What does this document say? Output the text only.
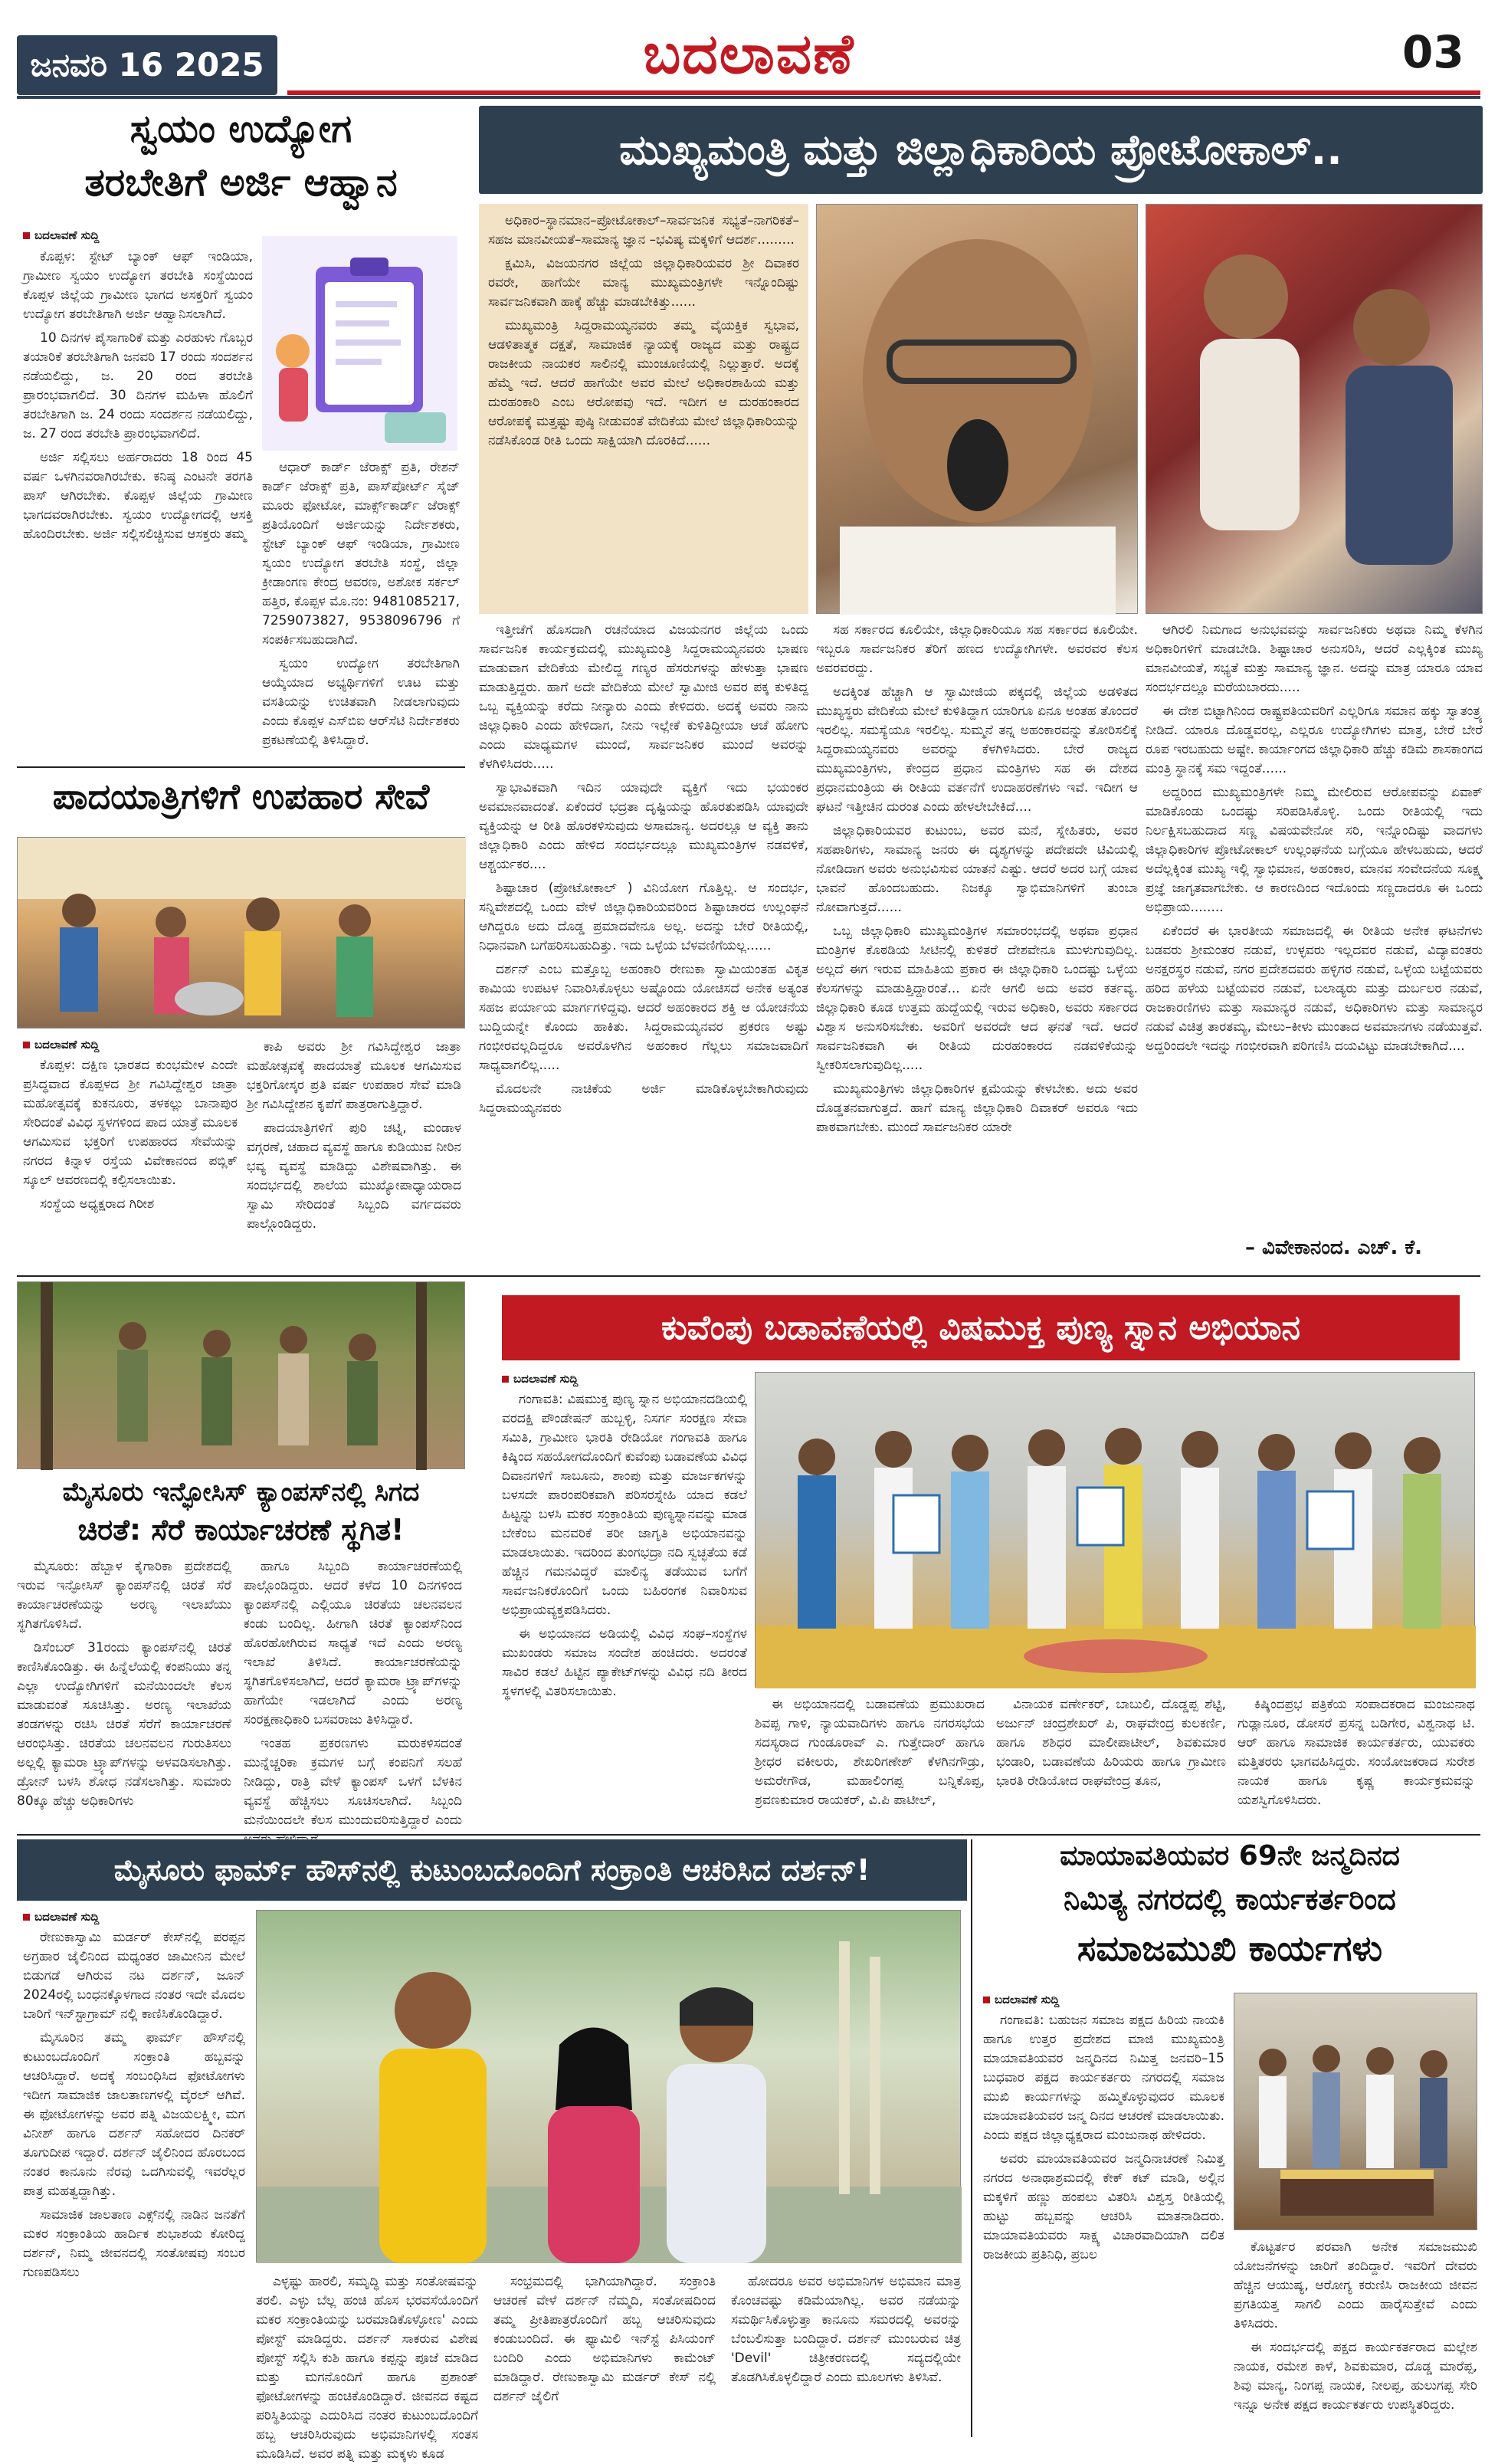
ಜನವರಿ 16 2025	ಬದಲಾವಣೆ	03
ಸ್ವಯಂ ಉದ್ಯೋಗ
ತರಬೇತಿಗೆ ಅರ್ಜಿ ಆಹ್ವಾನ
ಬದಲಾವಣೆ ಸುದ್ದಿ

ಕೊಪ್ಪಳ: ಸ್ಟೇಟ್ ಬ್ಯಾಂಕ್ ಆಫ್ ಇಂಡಿಯಾ, ಗ್ರಾಮೀಣ ಸ್ವಯಂ ಉದ್ಯೋಗ ತರಬೇತಿ ಸಂಸ್ಥೆಯಿಂದ ಕೊಪ್ಪಳ ಜಿಲ್ಲೆಯ ಗ್ರಾಮೀಣ ಭಾಗದ ಅಸಕ್ತರಿಗೆ ಸ್ವಯಂ ಉದ್ಯೋಗ ತರಬೇತಿಗಾಗಿ ಅರ್ಜಿ ಆಹ್ವಾನಿಸಲಾಗಿದೆ.

10 ದಿನಗಳ ಪೈಸಾಗಾರಿಕೆ ಮತ್ತು ಎರಹುಳು ಗೊಬ್ಬರ ತಯಾರಿಕೆ ತರಬೇತಿಗಾಗಿ ಜನವರಿ 17 ರಂದು ಸಂದರ್ಶನ ನಡೆಯಲಿದ್ದು, ಜ. 20 ರಂದ ತರಬೇತಿ ಪ್ರಾರಂಭವಾಗಲಿದೆ. 30 ದಿನಗಳ ಮಹಿಳಾ ಹೊಲಿಗೆ ತರಬೇತಿಗಾಗಿ ಜ. 24 ರಂದು ಸಂದರ್ಶನ ನಡೆಯಲಿದ್ದು, ಜ. 27 ರಂದ ತರಬೇತಿ ಪ್ರಾರಂಭವಾಗಲಿದೆ.

ಅರ್ಜಿ ಸಲ್ಲಿಸಲು ಅರ್ಹರಾದರು 18 ರಿಂದ 45 ವರ್ಷ ಒಳಗಿನವರಾಗಿರಬೇಕು. ಕನಿಷ್ಠ ಎಂಟನೇ ತರಗತಿ ಪಾಸ್ ಆಗಿರಬೇಕು. ಕೊಪ್ಪಳ ಜಿಲ್ಲೆಯ ಗ್ರಾಮೀಣ ಭಾಗದವರಾಗಿರಬೇಕು. ಸ್ವಯಂ ಉದ್ಯೋಗದಲ್ಲಿ ಆಸಕ್ತಿ ಹೊಂದಿರಬೇಕು. ಅರ್ಜಿ ಸಲ್ಲಿಸಲಿಚ್ಚಿಸುವ ಆಸಕ್ತರು ತಮ್ಮ

ಆಧಾರ್ ಕಾರ್ಡ್ ಜೆರಾಕ್ಸ್ ಪ್ರತಿ, ರೇಶನ್ ಕಾರ್ಡ್ ಜೆರಾಕ್ಸ್ ಪ್ರತಿ, ಪಾಸ್‌ಪೋರ್ಟ್ ಸೈಜ್ ಮೂರು ಫೋಟೋ, ಮಾರ್ಕ್ಸ್‌ಕಾರ್ಡ್ ಜೆರಾಕ್ಸ್ ಪ್ರತಿಯೊಂದಿಗೆ ಅರ್ಜಿಯನ್ನು ನಿರ್ದೇಶಕರು, ಸ್ಟೇಟ್ ಬ್ಯಾಂಕ್ ಆಫ್ ಇಂಡಿಯಾ, ಗ್ರಾಮೀಣ ಸ್ವಯಂ ಉದ್ಯೋಗ ತರಬೇತಿ ಸಂಸ್ಥೆ, ಜಿಲ್ಲಾ ಕ್ರೀಡಾಂಗಣ ಕೇಂದ್ರ ಆವರಣ, ಅಶೋಕ ಸರ್ಕಲ್ ಹತ್ತಿರ, ಕೊಪ್ಪಳ ಮೊ.ನಂ: 9481085217, 7259073827, 9538096796 ಗೆ ಸಂಪರ್ಕಿಸಬಹುದಾಗಿದೆ.

ಸ್ವಯಂ ಉದ್ಯೋಗ ತರಬೇತಿಗಾಗಿ ಆಯ್ಕೆಯಾದ ಅಭ್ಯರ್ಥಿಗಳಿಗೆ ಊಟ ಮತ್ತು ವಸತಿಯನ್ನು ಉಚಿತವಾಗಿ ನೀಡಲಾಗುವುದು ಎಂದು ಕೊಪ್ಪಳ ಎಸ್‌ಬಿಐ ಆರ್‌ಸೆಟಿ ನಿರ್ದೇಶಕರು ಪ್ರಕಟಣೆಯಲ್ಲಿ ತಿಳಿಸಿದ್ದಾರೆ.

ಮುಖ್ಯಮಂತ್ರಿ ಮತ್ತು ಜಿಲ್ಲಾಧಿಕಾರಿಯ ಪ್ರೋಟೋಕಾಲ್..

ಅಧಿಕಾರ–ಸ್ಥಾನಮಾನ–ಪ್ರೋಟೋಕಾಲ್–ಸಾರ್ವಜನಿಕ ಸಭ್ಯತೆ–ನಾಗರಿಕತೆ–ಸಹಜ ಮಾನವೀಯತೆ–ಸಾಮಾನ್ಯ ಜ್ಞಾನ –ಭವಿಷ್ಯ ಮಕ್ಕಳಿಗೆ ಆದರ್ಶ.........

ಕ್ಷಮಿಸಿ, ವಿಜಯನಗರ ಜಿಲ್ಲೆಯ ಜಿಲ್ಲಾಧಿಕಾರಿಯವರ ಶ್ರೀ ದಿವಾಕರ ರವರೇ, ಹಾಗೆಯೇ ಮಾನ್ಯ ಮುಖ್ಯಮಂತ್ರಿಗಳೇ ಇನ್ನೊಂದಿಷ್ಟು ಸಾರ್ವಜನಿಕವಾಗಿ ಹಾಕ್ಕೆ ಹೆಚ್ಚು ಮಾಡಬೇಕಿತ್ತು......

ಮುಖ್ಯಮಂತ್ರಿ ಸಿದ್ದರಾಮಯ್ಯನವರು ತಮ್ಮ ವೈಯಕ್ತಿಕ ಸ್ವಭಾವ, ಆಡಳಿತಾತ್ಮಕ ದಕ್ಷತೆ, ಸಾಮಾಜಿಕ ನ್ಯಾಯಕ್ಕೆ ರಾಜ್ಯದ ಮತ್ತು ರಾಷ್ಟ್ರದ ರಾಜಕೀಯ ನಾಯಕರ ಸಾಲಿನಲ್ಲಿ ಮುಂಚೂಣಿಯಲ್ಲಿ ನಿಲ್ಲುತ್ತಾರೆ. ಅದಕ್ಕೆ ಹೆಮ್ಮೆ ಇದೆ. ಆದರೆ ಹಾಗೆಯೇ ಅವರ ಮೇಲೆ ಅಧಿಕಾರಶಾಹಿಯ ಮತ್ತು ದುರಹಂಕಾರಿ ಎಂಬ ಆರೋಪವು ಇದೆ. ಇದೀಗ ಆ ದುರಹಂಕಾರದ ಆರೋಪಕ್ಕೆ ಮತ್ತಷ್ಟು ಪುಷ್ಠಿ ನೀಡುವಂತೆ ವೇದಿಕೆಯ ಮೇಲೆ ಜಿಲ್ಲಾಧಿಕಾರಿಯನ್ನು ನಡೆಸಿಕೊಂಡ ರೀತಿ ಒಂದು ಸಾಕ್ಷಿಯಾಗಿ ದೊರಕಿದೆ......

ಇತ್ತೀಚೆಗೆ ಹೊಸದಾಗಿ ರಚನೆಯಾದ ವಿಜಯನಗರ ಜಿಲ್ಲೆಯ ಒಂದು ಸಾರ್ವಜನಿಕ ಕಾರ್ಯಕ್ರಮದಲ್ಲಿ ಮುಖ್ಯಮಂತ್ರಿ ಸಿದ್ದರಾಮಯ್ಯನವರು ಭಾಷಣ ಮಾಡುವಾಗ ವೇದಿಕೆಯ ಮೇಲಿದ್ದ ಗಣ್ಯರ ಹೆಸರುಗಳನ್ನು ಹೇಳುತ್ತಾ ಭಾಷಣ ಮಾಡುತ್ತಿದ್ದರು. ಹಾಗೆ ಅದೇ ವೇದಿಕೆಯ ಮೇಲೆ ಸ್ವಾಮೀಜಿ ಅವರ ಪಕ್ಕ ಕುಳಿತಿದ್ದ ಒಬ್ಬ ವ್ಯಕ್ತಿಯನ್ನು ಕರೆದು ನೀನ್ಯಾರು ಎಂದು ಕೇಳಿದರು. ಅದಕ್ಕೆ ಅವರು ನಾನು ಜಿಲ್ಲಾಧಿಕಾರಿ ಎಂದು ಹೇಳಿದಾಗ, ನೀನು ಇಲ್ಲೇಕೆ ಕುಳಿತಿದ್ದೀಯಾ ಆಚೆ ಹೋಗು ಎಂದು ಮಾಧ್ಯಮಗಳ ಮುಂದೆ, ಸಾರ್ವಜನಿಕರ ಮುಂದೆ ಅವರನ್ನು ಕೆಳಗಿಳಿಸಿದರು.....

ಸ್ವಾಭಾವಿಕವಾಗಿ ಇದಿನ ಯಾವುದೇ ವ್ಯಕ್ತಿಗೆ ಇದು ಭಯಂಕರ ಅವಮಾನವಾದಂತೆ. ಏಕೆಂದರೆ ಭದ್ರತಾ ದೃಷ್ಟಿಯನ್ನು ಹೊರತುಪಡಿಸಿ ಯಾವುದೇ ವ್ಯಕ್ತಿಯನ್ನು ಆ ರೀತಿ ಹೊರಕಳಿಸುವುದು ಅಸಾಮಾನ್ಯ. ಅದರಲ್ಲೂ ಆ ವ್ಯಕ್ತಿ ತಾನು ಜಿಲ್ಲಾಧಿಕಾರಿ ಎಂದು ಹೇಳಿದ ಸಂದರ್ಭದಲ್ಲೂ ಮುಖ್ಯಮಂತ್ರಿಗಳ ನಡವಳಿಕೆ, ಆಶ್ಚರ್ಯಕರ....

ಶಿಷ್ಟಾಚಾರ (ಪ್ರೋಟೋಕಾಲ್ ) ವಿನಿಯೋಗ ಗೊತ್ತಿಲ್ಲ. ಆ ಸಂದರ್ಭ, ಸನ್ನಿವೇಶದಲ್ಲಿ ಒಂದು ವೇಳೆ ಜಿಲ್ಲಾಧಿಕಾರಿಯವರಿಂದ ಶಿಷ್ಟಾಚಾರದ ಉಲ್ಲಂಘನೆ ಆಗಿದ್ದರೂ ಅದು ದೊಡ್ಡ ಪ್ರಮಾದವೇನೂ ಅಲ್ಲ. ಅದನ್ನು ಬೇರೆ ರೀತಿಯಲ್ಲಿ, ನಿಧಾನವಾಗಿ ಬಗೆಹರಿಸಬಹುದಿತ್ತು. ಇದು ಒಳ್ಳೆಯ ಬೆಳವಣಿಗೆಯಲ್ಲ......

ದರ್ಶನ್ ಎಂಬ ಮತ್ತೊಬ್ಬ ಅಹಂಕಾರಿ ರೇಣುಕಾ ಸ್ವಾಮಿಯಂತಹ ವಿಕೃತ ಕಾಮಿಯ ಉಪಟಳ ನಿವಾರಿಸಿಕೊಳ್ಳಲು ಅಷ್ಟೊಂದು ಯೋಚಿಸದೆ ಅನೇಕ ಅತ್ಯಂತ ಸಹಜ ಪರ್ಯಾಯ ಮಾರ್ಗಗಳಿದ್ದವು. ಆದರೆ ಅಹಂಕಾರದ ಶಕ್ತಿ ಆ ಯೋಚನೆಯ ಬುದ್ದಿಯನ್ನೇ ಕೊಂದು ಹಾಕಿತು. ಸಿದ್ದರಾಮಯ್ಯನವರ ಪ್ರಕರಣ ಅಷ್ಟು ಗಂಭೀರವಲ್ಲದಿದ್ದರೂ ಅವರೊಳಗಿನ ಅಹಂಕಾರ ಗೆಲ್ಲಲು ಸಮಾಜವಾದಿಗೆ ಸಾಧ್ಯವಾಗಲಿಲ್ಲ.....

ಮೊದಲನೇ ನಾಚಿಕೆಯ ಅರ್ಜಿ ಮಾಡಿಕೊಳ್ಳಬೇಕಾಗಿರುವುದು ಸಿದ್ದರಾಮಯ್ಯನವರು

ಸಹ ಸರ್ಕಾರದ ಕೂಲಿಯೇ, ಜಿಲ್ಲಾಧಿಕಾರಿಯೂ ಸಹ ಸರ್ಕಾರದ ಕೂಲಿಯೇ. ಇಬ್ಬರೂ ಸಾರ್ವಜನಿಕರ ತೆರಿಗೆ ಹಣದ ಉದ್ಯೋಗಿಗಳೇ. ಅವರವರ ಕೆಲಸ ಅವರವರದ್ದು.

ಅದಕ್ಕಿಂತ ಹೆಚ್ಚಾಗಿ ಆ ಸ್ವಾಮೀಜಿಯ ಪಕ್ಕದಲ್ಲಿ ಜಿಲ್ಲೆಯ ಅಡಳಿತದ ಮುಖ್ಯಸ್ಥರು ವೇದಿಕೆಯ ಮೇಲೆ ಕುಳಿತಿದ್ದಾಗ ಯಾರಿಗೂ ಏನೂ ಅಂತಹ ತೊಂದರೆ ಇರಲಿಲ್ಲ. ಸಮಸ್ಯೆಯೂ ಇರಲಿಲ್ಲ. ಸುಮ್ಮನೆ ತನ್ನ ಅಹಂಕಾರವನ್ನು ತೋರಿಸಲಿಕ್ಕೆ ಸಿದ್ದರಾಮಯ್ಯನವರು ಅವರನ್ನು ಕೆಳಗಿಳಿಸಿದರು. ಬೇರೆ ರಾಜ್ಯದ ಮುಖ್ಯಮಂತ್ರಿಗಳು, ಕೇಂದ್ರದ ಪ್ರಧಾನ ಮಂತ್ರಿಗಳು ಸಹ ಈ ದೇಶದ ಪ್ರಧಾನಮಂತ್ರಿಯ ಈ ರೀತಿಯ ವರ್ತನೆಗೆ ಉದಾಹರಣೆಗಳು ಇವೆ. ಇದೀಗ ಆ ಘಟನೆ ಇತ್ತೀಚಿನ ದುರಂತ ಎಂದು ಹೇಳಲೇಬೇಕಿದೆ....

ಜಿಲ್ಲಾಧಿಕಾರಿಯವರ ಕುಟುಂಬ, ಅವರ ಮನೆ, ಸ್ನೇಹಿತರು, ಅವರ ಸಹಪಾಠಿಗಳು, ಸಾಮಾನ್ಯ ಜನರು ಈ ದೃಶ್ಯಗಳನ್ನು ಪದೇಪದೇ ಟಿವಿಯಲ್ಲಿ ನೋಡಿದಾಗ ಅವರು ಅನುಭವಿಸುವ ಯಾತನೆ ಎಷ್ಟು. ಆದರೆ ಅದರ ಬಗ್ಗೆ ಯಾವ ಭಾವನೆ ಹೊಂದಬಹುದು. ನಿಜಕ್ಕೂ ಸ್ವಾಭಿಮಾನಿಗಳಿಗೆ ತುಂಬಾ ನೋವಾಗುತ್ತದೆ......

ಒಬ್ಬ ಜಿಲ್ಲಾಧಿಕಾರಿ ಮುಖ್ಯಮಂತ್ರಿಗಳ ಸಮಾರಂಭದಲ್ಲಿ ಅಥವಾ ಪ್ರಧಾನ ಮಂತ್ರಿಗಳ ಕೊಠಡಿಯ ಸೀಟಿನಲ್ಲಿ ಕುಳಿತರೆ ದೇಶವೇನೂ ಮುಳುಗುವುದಿಲ್ಲ. ಅಲ್ಲದೆ ಈಗ ಇರುವ ಮಾಹಿತಿಯ ಪ್ರಕಾರ ಈ ಜಿಲ್ಲಾಧಿಕಾರಿ ಒಂದಷ್ಟು ಒಳ್ಳೆಯ ಕೆಲಸಗಳನ್ನು ಮಾಡುತ್ತಿದ್ದಾರಂತೆ... ಏನೇ ಆಗಲಿ ಅದು ಅವರ ಕರ್ತವ್ಯ. ಜಿಲ್ಲಾಧಿಕಾರಿ ಕೂಡ ಉತ್ತಮ ಹುದ್ದೆಯಲ್ಲಿ ಇರುವ ಅಧಿಕಾರಿ, ಅವರು ಸರ್ಕಾರದ ವಿಶ್ವಾಸ ಅನುಸರಿಸಬೇಕು. ಅವರಿಗೆ ಅವರದೇ ಆದ ಘನತೆ ಇದೆ. ಆದರೆ ಸಾರ್ವಜನಿಕವಾಗಿ ಈ ರೀತಿಯ ದುರಹಂಕಾರದ ನಡವಳಿಕೆಯನ್ನು ಸ್ವೀಕರಿಸಲಾಗುವುದಿಲ್ಲ.....

ಮುಖ್ಯಮಂತ್ರಿಗಳು ಜಿಲ್ಲಾಧಿಕಾರಿಗಳ ಕ್ಷಮೆಯನ್ನು ಕೇಳಬೇಕು. ಅದು ಅವರ ದೊಡ್ಡತನವಾಗುತ್ತದೆ. ಹಾಗೆ ಮಾನ್ಯ ಜಿಲ್ಲಾಧಿಕಾರಿ ದಿವಾಕರ್ ಅವರೂ ಇದು ಪಾಠವಾಗಬೇಕು. ಮುಂದೆ ಸಾರ್ವಜನಿಕರ ಯಾರೇ

ಆಗಿರಲಿ ನಿಮಗಾದ ಅನುಭವವನ್ನು ಸಾರ್ವಜನಿಕರು ಅಥವಾ ನಿಮ್ಮ ಕೆಳಗಿನ ಅಧಿಕಾರಿಗಳಿಗೆ ಮಾಡಬೇಡಿ. ಶಿಷ್ಟಾಚಾರ ಅನುಸರಿಸಿ, ಆದರೆ ಎಲ್ಲಕ್ಕಿಂತ ಮುಖ್ಯ ಮಾನವೀಯತೆ, ಸಭ್ಯತೆ ಮತ್ತು ಸಾಮಾನ್ಯ ಜ್ಞಾನ. ಅದನ್ನು ಮಾತ್ರ ಯಾರೂ ಯಾವ ಸಂದರ್ಭದಲ್ಲೂ ಮರೆಯಬಾರದು.....

ಈ ದೇಶ ಬಿಟ್ಟಾಗಿನಿಂದ ರಾಷ್ಟ್ರಪತಿಯವರಿಗೆ ಎಲ್ಲರಿಗೂ ಸಮಾನ ಹಕ್ಕು ಸ್ವಾತಂತ್ರ್ಯ ನೀಡಿದೆ. ಯಾರೂ ದೊಡ್ಡವರಲ್ಲ, ಎಲ್ಲರೂ ಉದ್ಯೋಗಿಗಳು ಮಾತ್ರ, ಬೇರೆ ಬೇರೆ ರೂಪ ಇರಬಹುದು ಅಷ್ಟೇ. ಕಾರ್ಯಾಂಗದ ಜಿಲ್ಲಾಧಿಕಾರಿ ಹೆಚ್ಚು ಕಡಿಮೆ ಶಾಸಕಾಂಗದ ಮಂತ್ರಿ ಸ್ಥಾನಕ್ಕೆ ಸಮ ಇದ್ದಂತೆ......

ಅದ್ದರಿಂದ ಮುಖ್ಯಮಂತ್ರಿಗಳೇ ನಿಮ್ಮ ಮೇಲಿರುವ ಆರೋಪವನ್ನು ಏವಾಕ್ ಮಾಡಿಕೊಂಡು ಒಂದಷ್ಟು ಸರಿಪಡಿಸಿಕೊಳ್ಳಿ. ಒಂದು ರೀತಿಯಲ್ಲಿ ಇದು ನಿರ್ಲಕ್ಷಿಸಬಹುದಾದ ಸಣ್ಣ ವಿಷಯವೇನೋ ಸರಿ, ಇನ್ನೊಂದಿಷ್ಟು ವಾದಗಳು ಜಿಲ್ಲಾಧಿಕಾರಿಗಳ ಪ್ರೋಟೋಕಾಲ್ ಉಲ್ಲಂಘನೆಯ ಬಗ್ಗೆಯೂ ಹೇಳಬಹುದು, ಆದರೆ ಅದೆಲ್ಲಕ್ಕಿಂತ ಮುಖ್ಯ ಇಲ್ಲಿ ಸ್ವಾಭಿಮಾನ, ಅಹಂಕಾರ, ಮಾನವ ಸಂವೇದನೆಯ ಸೂಕ್ಷ್ಮ ಪ್ರಜ್ಞೆ ಜಾಗೃತವಾಗಬೇಕು. ಆ ಕಾರಣದಿಂದ ಇದೊಂದು ಸಣ್ಣದಾದರೂ ಈ ಒಂದು ಅಭಿಪ್ರಾಯ........

ಏಕೆಂದರೆ ಈ ಭಾರತೀಯ ಸಮಾಜದಲ್ಲಿ ಈ ರೀತಿಯ ಅನೇಕ ಘಟನೆಗಳು ಬಡವರು ಶ್ರೀಮಂತರ ನಡುವೆ, ಉಳ್ಳವರು ಇಲ್ಲದವರ ನಡುವೆ, ವಿದ್ಯಾವಂತರು ಅನಕ್ಷರಸ್ಥರ ನಡುವೆ, ನಗರ ಪ್ರದೇಶದವರು ಹಳ್ಳಿಗರ ನಡುವೆ, ಒಳ್ಳೆಯ ಬಟ್ಟೆಯವರು ಹರಿದ ಹಳೆಯ ಬಟ್ಟೆಯವರ ನಡುವೆ, ಬಲಾಡ್ಯರು ಮತ್ತು ದುರ್ಬಲರ ನಡುವೆ, ರಾಜಕಾರಣಿಗಳು ಮತ್ತು ಸಾಮಾನ್ಯರ ನಡುವೆ, ಅಧಿಕಾರಿಗಳು ಮತ್ತು ಸಾಮಾನ್ಯರ ನಡುವೆ ವಿಚಿತ್ರ ತಾರತಮ್ಯ, ಮೇಲು–ಕೀಳು ಮುಂತಾದ ಅವಮಾನಗಳು ನಡೆಯುತ್ತವೆ. ಅದ್ದರಿಂದಲೇ ಇದನ್ನು ಗಂಭೀರವಾಗಿ ಪರಿಗಣಿಸಿ ದಯವಿಟ್ಟು ಮಾಡಬೇಕಾಗಿದೆ....

– ವಿವೇಕಾನಂದ. ಎಚ್. ಕೆ.
ಪಾದಯಾತ್ರಿಗಳಿಗೆ ಉಪಹಾರ ಸೇವೆ
ಬದಲಾವಣೆ ಸುದ್ದಿ

ಕೊಪ್ಪಳ: ದಕ್ಷಿಣ ಭಾರತದ ಕುಂಭಮೇಳ ಎಂದೇ ಪ್ರಸಿದ್ಧವಾದ ಕೊಪ್ಪಳದ ಶ್ರೀ ಗವಿಸಿದ್ದೇಶ್ವರ ಜಾತ್ರಾ ಮಹೋತ್ಸವಕ್ಕೆ ಕುಕನೂರು, ತಳಕಲ್ಲು ಬಾನಾಪುರ ಸೇರಿದಂತೆ ವಿವಿಧ ಸ್ಥಳಗಳಿಂದ ಪಾದ ಯಾತ್ರೆ ಮೂಲಕ ಆಗಮಿಸುವ ಭಕ್ತರಿಗೆ ಉಪಹಾರದ ಸೇವೆಯನ್ನು ನಗರದ ಕಿನ್ನಾಳ ರಸ್ತೆಯ ವಿವೇಕಾನಂದ ಪಬ್ಲಿಕ್ ಸ್ಕೂಲ್ ಆವರಣದಲ್ಲಿ ಕಲ್ಪಿಸಲಾಯಿತು.

ಸಂಸ್ಥೆಯ ಅಧ್ಯಕ್ಷರಾದ ಗಿರೀಶ

ಕಾಪಿ ಅವರು ಶ್ರೀ ಗವಿಸಿದ್ದೇಶ್ವರ ಜಾತ್ರಾ ಮಹೋತ್ಸವಕ್ಕೆ ಪಾದಯಾತ್ರೆ ಮೂಲಕ ಆಗಮಿಸುವ ಭಕ್ತರಿಗೋಸ್ಕರ ಪ್ರತಿ ವರ್ಷ ಉಪಹಾರ ಸೇವೆ ಮಾಡಿ ಶ್ರೀ ಗವಿಸಿದ್ದೇಶನ ಕೃಪೆಗೆ ಪಾತ್ರರಾಗುತ್ತಿದ್ದಾರೆ.

ಪಾದಯಾತ್ರಿಗಳಿಗೆ ಪುರಿ ಚಟ್ನಿ, ಮಂಡಾಳ ವಗ್ಗರಣೆ, ಚಹಾದ ವ್ಯವಸ್ಥೆ ಹಾಗೂ ಕುಡಿಯುವ ನೀರಿನ ಭವ್ಯ ವ್ಯವಸ್ಥೆ ಮಾಡಿದ್ದು ವಿಶೇಷವಾಗಿತ್ತು. ಈ ಸಂದರ್ಭದಲ್ಲಿ ಶಾಲೆಯ ಮುಖ್ಯೋಪಾಧ್ಯಾಯರಾದ ಸ್ವಾಮಿ ಸೇರಿದಂತೆ ಸಿಬ್ಬಂದಿ ವರ್ಗದವರು ಪಾಲ್ಗೊಂಡಿದ್ದರು.

ಮೈಸೂರು ಇನ್ಫೋಸಿಸ್ ಕ್ಯಾಂಪಸ್‌ನಲ್ಲಿ ಸಿಗದ
ಚಿರತೆ: ಸೆರೆ ಕಾರ್ಯಾಚರಣೆ ಸ್ಥಗಿತ!

ಮೈಸೂರು: ಹೆಬ್ಬಾಳ ಕೈಗಾರಿಕಾ ಪ್ರದೇಶದಲ್ಲಿ ಇರುವ ಇನ್ಫೋಸಿಸ್ ಕ್ಯಾಂಪಸ್‌ನಲ್ಲಿ ಚಿರತೆ ಸೆರೆ ಕಾರ್ಯಾಚರಣೆಯನ್ನು ಅರಣ್ಯ ಇಲಾಖೆಯು ಸ್ಥಗಿತಗೊಳಿಸಿದೆ.

ಡಿಸೆಂಬರ್ 31ರಂದು ಕ್ಯಾಂಪಸ್‌ನಲ್ಲಿ ಚಿರತೆ ಕಾಣಿಸಿಕೊಂಡಿತ್ತು. ಈ ಹಿನ್ನೆಲೆಯಲ್ಲಿ ಕಂಪನಿಯು ತನ್ನ ಎಲ್ಲಾ ಉದ್ಯೋಗಿಗಳಿಗೆ ಮನೆಯಿಂದಲೇ ಕೆಲಸ ಮಾಡುವಂತೆ ಸೂಚಿಸಿತ್ತು. ಅರಣ್ಯ ಇಲಾಖೆಯ ತಂಡಗಳನ್ನು ರಚಿಸಿ ಚಿರತೆ ಸೆರೆಗೆ ಕಾರ್ಯಾಚರಣೆ ಆರಂಭಿಸಿತ್ತು. ಚಿರತೆಯ ಚಲನವಲನ ಗುರುತಿಸಲು ಅಲ್ಲಲ್ಲಿ ಕ್ಯಾಮರಾ ಟ್ರ್ಯಾಪ್‌ಗಳನ್ನು ಅಳವಡಿಸಲಾಗಿತ್ತು. ಡ್ರೋನ್ ಬಳಸಿ ಶೋಧ ನಡೆಸಲಾಗಿತ್ತು. ಸುಮಾರು 80ಕ್ಕೂ ಹೆಚ್ಚು ಅಧಿಕಾರಿಗಳು

ಹಾಗೂ ಸಿಬ್ಬಂದಿ ಕಾರ್ಯಾಚರಣೆಯಲ್ಲಿ ಪಾಲ್ಗೊಂಡಿದ್ದರು. ಆದರೆ ಕಳೆದ 10 ದಿನಗಳಿಂದ ಕ್ಯಾಂಪಸ್‌ನಲ್ಲಿ ಎಲ್ಲಿಯೂ ಚಿರತೆಯ ಚಲನವಲನ ಕಂಡು ಬಂದಿಲ್ಲ. ಹೀಗಾಗಿ ಚಿರತೆ ಕ್ಯಾಂಪಸ್‌ನಿಂದ ಹೊರಹೋಗಿರುವ ಸಾಧ್ಯತೆ ಇದೆ ಎಂದು ಅರಣ್ಯ ಇಲಾಖೆ ತಿಳಿಸಿದೆ. ಕಾರ್ಯಾಚರಣೆಯನ್ನು ಸ್ಥಗಿತಗೊಳಿಸಲಾಗಿದೆ, ಆದರೆ ಕ್ಯಾಮರಾ ಟ್ರ್ಯಾಪ್‌ಗಳನ್ನು ಹಾಗೆಯೇ ಇಡಲಾಗಿದೆ ಎಂದು ಅರಣ್ಯ ಸಂರಕ್ಷಣಾಧಿಕಾರಿ ಬಸವರಾಜು ತಿಳಿಸಿದ್ದಾರೆ.

ಇಂತಹ ಪ್ರಕರಣಗಳು ಮರುಕಳಿಸದಂತೆ ಮುನ್ನೆಚ್ಚರಿಕಾ ಕ್ರಮಗಳ ಬಗ್ಗೆ ಕಂಪನಿಗೆ ಸಲಹೆ ನೀಡಿದ್ದು, ರಾತ್ರಿ ವೇಳೆ ಕ್ಯಾಂಪಸ್ ಒಳಗೆ ಬೆಳಕಿನ ವ್ಯವಸ್ಥೆ ಹೆಚ್ಚಿಸಲು ಸೂಚಿಸಲಾಗಿದೆ. ಸಿಬ್ಬಂದಿ ಮನೆಯಿಂದಲೇ ಕೆಲಸ ಮುಂದುವರಿಸುತ್ತಿದ್ದಾರೆ ಎಂದು

ಕುವೆಂಪು ಬಡಾವಣೆಯಲ್ಲಿ ವಿಷಮುಕ್ತ ಪುಣ್ಯ ಸ್ನಾನ ಅಭಿಯಾನ
ಬದಲಾವಣೆ ಸುದ್ದಿ

ಗಂಗಾವತಿ: ವಿಷಮುಕ್ತ ಪುಣ್ಯ ಸ್ನಾನ ಅಭಿಯಾನದಡಿಯಲ್ಲಿ ವರದಕ್ಷಿ ಪೌಂಡೇಷನ್ ಹುಬ್ಬಳ್ಳಿ, ನಿಸರ್ಗ ಸಂರಕ್ಷಣ ಸೇವಾ ಸಮಿತಿ, ಗ್ರಾಮೀಣ ಭಾರತಿ ರೇಡಿಯೋ ಗಂಗಾವತಿ ಹಾಗೂ ಕಿಷ್ಕಿಂದ ಸಹಯೋಗದೊಂದಿಗೆ ಕುವೆಂಪು ಬಡಾವಣೆಯ ವಿವಿಧ ದಿವಾನಗಳಿಗೆ ಸಾಬೂನು, ಶಾಂಪು ಮತ್ತು ಮಾರ್ಜಕಗಳನ್ನು ಬಳಸದೇ ಪಾರಂಪರಿಕವಾಗಿ ಪರಿಸರಸ್ನೇಹಿ ಯಾದ ಕಡಲೆ ಹಿಟ್ಟನ್ನು ಬಳಸಿ ಮಕರ ಸಂಕ್ರಾಂತಿಯ ಪುಣ್ಯಸ್ನಾನವನ್ನು ಮಾಡ ಬೇಕೆಂಬ ಮನವರಿಕೆ ತರೀ ಜಾಗೃತಿ ಅಭಿಯಾನವನ್ನು ಮಾಡಲಾಯಿತು. ಇದರಿಂದ ತುಂಗಭದ್ರಾ ನದಿ ಸ್ವಚ್ಛತೆಯ ಕಡೆ ಹೆಚ್ಚಿನ ಗಮನವಿದ್ದರೆ ಮಾಲಿನ್ಯ ತಡೆಯುವ ಬಗೆಗೆ ಸಾರ್ವಜನಿಕರೊಂದಿಗೆ ಒಂದು ಬಹಿರಂಗಕ ನಿವಾರಿಸುವ ಅಭಿಪ್ರಾಯವ್ಯಕ್ತಪಡಿಸಿದರು.

ಈ ಅಭಿಯಾನದ ಅಡಿಯಲ್ಲಿ ವಿವಿಧ ಸಂಘ–ಸಂಸ್ಥೆಗಳ ಮುಖಂಡರು ಸಮಾಜ ಸಂದೇಶ ಹಂಚಿದರು. ಅದರಂತೆ ಸಾವಿರ ಕಡಲೆ ಹಿಟ್ಟಿನ ಪ್ಯಾಕೇಟ್‌ಗಳನ್ನು ವಿವಿಧ ನದಿ ತೀರದ ಸ್ಥಳಗಳಲ್ಲಿ ವಿತರಿಸಲಾಯಿತು.

ಈ ಅಭಿಯಾನದಲ್ಲಿ ಬಡಾವಣೆಯ ಪ್ರಮುಖರಾದ ಶಿವಪ್ಪ ಗಾಳಿ, ನ್ಯಾಯವಾದಿಗಳು ಹಾಗೂ ನಗರಸಭೆಯ ಸದಸ್ಯರಾದ ಗುಂಡೂರಾವ್ ಎ. ಗುತ್ತೇದಾರ್ ಹಾಗೂ ಶ್ರೀಧರ ವಕೀಲರು, ಶೇಖರಿಗಣೇಶ್ ಕೆಳಗಿನಗೌಡ್ರು, ಅಮರೇಗೌಡ, ಮಹಾಲಿಂಗಪ್ಪ ಬನ್ನಿಕೊಪ್ಪ, ಶ್ರವಣಕುಮಾರ ರಾಯಕರ್, ವಿ.ಪಿ ಪಾಟೀಲ್,

ವಿನಾಯಕ ವರ್ಣೇಕರ್, ಬಾಬುಲಿ, ದೊಡ್ಡಪ್ಪ ಶೆಟ್ಟಿ, ಅರ್ಜುನ್ ಚಂದ್ರಶೇಖರ್ ಪಿ, ರಾಘವೇಂದ್ರ ಕುಲಕರ್ಣಿ, ಹಾಗೂ ಶಶಿಧರ ಮಾಲೀಪಾಟೀಲ್, ಶಿವಕುಮಾರ ಭಂಡಾರಿ, ಬಡಾವಣೆಯ ಹಿರಿಯರು ಹಾಗೂ ಗ್ರಾಮೀಣ ಭಾರತಿ ರೇಡಿಯೋದ ರಾಘವೇಂದ್ರ ತೂನ,

ಕಿಷ್ಕಿಂದಪ್ರಭ ಪತ್ರಿಕೆಯ ಸಂಪಾದಕರಾದ ಮಂಜುನಾಥ ಗುಡ್ಲಾನೂರ, ಡೋಸರೆ ಪ್ರಸನ್ನ ಬಡಿಗೇರ, ವಿಶ್ವನಾಥ ಟಿ. ಆರ್ ಹಾಗೂ ಸಾಮಾಜಿಕ ಕಾರ್ಯಕರ್ತರು, ಯುವಕರು ಮತ್ತಿತರರು ಭಾಗವಹಿಸಿದ್ದರು. ಸಂಯೋಜಕರಾದ ಸುರೇಶ ನಾಯಕ ಹಾಗೂ ಕೃಷ್ಣ ಕಾರ್ಯಕ್ರಮವನ್ನು ಯಶಸ್ವಿಗೊಳಿಸಿದರು.

ಮೈಸೂರು ಫಾರ್ಮ್ ಹೌಸ್‌ನಲ್ಲಿ ಕುಟುಂಬದೊಂದಿಗೆ ಸಂಕ್ರಾಂತಿ ಆಚರಿಸಿದ ದರ್ಶನ್!
ಬದಲಾವಣೆ ಸುದ್ದಿ

ರೇಣುಕಾಸ್ವಾಮಿ ಮರ್ಡರ್ ಕೇಸ್‌ನಲ್ಲಿ ಪರಪ್ಪನ ಅಗ್ರಹಾರ ಜೈಲಿನಿಂದ ಮಧ್ಯಂತರ ಜಾಮೀನಿನ ಮೇಲೆ ಬಿಡುಗಡೆ ಆಗಿರುವ ನಟ ದರ್ಶನ್, ಜೂನ್ 2024ರಲ್ಲಿ ಬಂಧನಕ್ಕೊಳಗಾದ ನಂತರ ಇದೇ ಮೊದಲ ಬಾರಿಗೆ ಇನ್‌ಸ್ಟಾಗ್ರಾಮ್ ನಲ್ಲಿ ಕಾಣಿಸಿಕೊಂಡಿದ್ದಾರೆ.

ಮೈಸೂರಿನ ತಮ್ಮ ಫಾರ್ಮ್ ಹೌಸ್‌ನಲ್ಲಿ ಕುಟುಂಬದೊಂದಿಗೆ ಸಂಕ್ರಾಂತಿ ಹಬ್ಬವನ್ನು ಆಚರಿಸಿದ್ದಾರೆ. ಅದಕ್ಕೆ ಸಂಬಂಧಿಸಿದ ಫೋಟೋಗಳು ಇದೀಗ ಸಾಮಾಜಿಕ ಜಾಲತಾಣಗಳಲ್ಲಿ ವೈರಲ್ ಆಗಿವೆ. ಈ ಫೋಟೋಗಳನ್ನು ಅವರ ಪತ್ನಿ ವಿಜಯಲಕ್ಷ್ಮೀ, ಮಗ ವಿನೀಶ್ ಹಾಗೂ ದರ್ಶನ್ ಸಹೋದರ ದಿನಕರ್ ತೂಗುದೀಪ ಇದ್ದಾರೆ. ದರ್ಶನ್ ಜೈಲಿನಿಂದ ಹೊರಬಂದ ನಂತರ ಕಾನೂನು ನೆರವು ಒದಗಿಸುವಲ್ಲಿ ಇವರೆಲ್ಲರ ಪಾತ್ರ ಮಹತ್ವದ್ದಾಗಿತ್ತು.

ಸಾಮಾಜಿಕ ಜಾಲತಾಣ ಎಕ್ಸ್‌ನಲ್ಲಿ ನಾಡಿನ ಜನತೆಗೆ ಮಕರ ಸಂಕ್ರಾಂತಿಯ ಹಾರ್ದಿಕ ಶುಭಾಶಯ ಕೋರಿದ್ದ ದರ್ಶನ್, ನಿಮ್ಮ ಜೀವನದಲ್ಲಿ ಸಂತೋಷವು ಸಂಬರ ಗುಣಪಡಿಸಲು

ಎಳ್ಳಷ್ಟು ಹಾರಲಿ, ಸಮೃದ್ಧಿ ಮತ್ತು ಸಂತೋಷವನ್ನು ತರಲಿ. ಎಳ್ಳು ಬೆಲ್ಲ ಹಂಚಿ ಹೊಸ ಭರವಸೆಯೊಂದಿಗೆ ಮಕರ ಸಂಕ್ರಾಂತಿಯನ್ನು ಬರಮಾಡಿಕೊಳ್ಳೋಣ' ಎಂದು ಪೋಸ್ಟ್ ಮಾಡಿದ್ದರು. ದರ್ಶನ್ ಸಾಕರುವ ವಿಶೇಷ ಪೋಸ್ಟ್ ಸಲ್ಲಿಸಿ ಕುಶಿ ಹಾಗೂ ಕಪ್ಪನ್ನು ಪೂಜೆ ಮಾಡಿದ ಮತ್ತು ಮಗನೊಂದಿಗೆ ಹಾಗೂ ಪ್ರಶಾಂತ್ ಫೋಟೋಗಳನ್ನು ಹಂಚಿಕೊಂಡಿದ್ದಾರೆ. ಜೀವನದ ಕಷ್ಟದ ಪರಿಸ್ಥಿತಿಯನ್ನು ಎದುರಿಸಿದ ನಂತರ ಕುಟುಂಬದೊಂದಿಗೆ ಹಬ್ಬ ಆಚರಿಸಿರುವುದು ಅಭಿಮಾನಿಗಳಲ್ಲಿ ಸಂತಸ ಮೂಡಿಸಿದೆ. ಅವರ ಪತ್ನಿ ಮತ್ತು ಮಕ್ಕಳು ಕೂಡ

ಸಂಭ್ರಮದಲ್ಲಿ ಭಾಗಿಯಾಗಿದ್ದಾರೆ. ಸಂಕ್ರಾಂತಿ ಆಚರಣೆ ವೇಳೆ ದರ್ಶನ್ ನೆಮ್ಮದಿ, ಸಂತೋಷದಿಂದ ತಮ್ಮ ಪ್ರೀತಿಪಾತ್ರರೊಂದಿಗೆ ಹಬ್ಬ ಆಚರಿಸುವುದು ಕಂಡುಬಂದಿದೆ. ಈ ಫ್ಯಾಮಿಲಿ ಇನ್‌ಸ್ಟೆ ಪಿಸಿಯಂಗ್ ಬಂದಿರಿ ಎಂದು ಅಭಿಮಾನಿಗಳು ಕಾಮೆಂಟ್ ಮಾಡಿದ್ದಾರೆ. ರೇಣುಕಾಸ್ವಾಮಿ ಮರ್ಡರ್ ಕೇಸ್ ನಲ್ಲಿ ದರ್ಶನ್ ಜೈಲಿಗೆ

ಹೋದರೂ ಅವರ ಅಭಿಮಾನಿಗಳ ಅಭಿಮಾನ ಮಾತ್ರ ಕೊಂಚವಷ್ಟು ಕಡಿಮೆಯಾಗಿಲ್ಲ. ಅವರ ನಡೆಯನ್ನು ಸಮರ್ಥಿಸಿಕೊಳ್ಳುತ್ತಾ ಕಾನೂನು ಸಮರದಲ್ಲಿ ಅವರನ್ನು ಬೆಂಬಲಿಸುತ್ತಾ ಬಂದಿದ್ದಾರೆ. ದರ್ಶನ್ ಮುಂಬರುವ ಚಿತ್ರ 'Devil' ಚಿತ್ರೀಕರಣದಲ್ಲಿ ಸದ್ಯದಲ್ಲಿಯೇ ತೊಡಗಿಸಿಕೊಳ್ಳಲಿದ್ದಾರೆ ಎಂದು ಮೂಲಗಳು ತಿಳಿಸಿವೆ.

ಮಾಯಾವತಿಯವರ 69ನೇ ಜನ್ಮದಿನದ
ನಿಮಿತ್ಯ ನಗರದಲ್ಲಿ ಕಾರ್ಯಕರ್ತರಿಂದ
ಸಮಾಜಮುಖಿ ಕಾರ್ಯಗಳು
ಬದಲಾವಣೆ ಸುದ್ದಿ

ಗಂಗಾವತಿ: ಬಹುಜನ ಸಮಾಜ ಪಕ್ಷದ ಹಿರಿಯ ನಾಯಕಿ ಹಾಗೂ ಉತ್ತರ ಪ್ರದೇಶದ ಮಾಜಿ ಮುಖ್ಯಮಂತ್ರಿ ಮಾಯಾವತಿಯವರ ಜನ್ಮದಿನದ ನಿಮಿತ್ತ ಜನವರಿ–15 ಬುಧವಾರ ಪಕ್ಷದ ಕಾರ್ಯಕರ್ತರು ನಗರದಲ್ಲಿ ಸಮಾಜ ಮುಖಿ ಕಾರ್ಯಗಳನ್ನು ಹಮ್ಮಿಕೊಳ್ಳುವುದರ ಮೂಲಕ ಮಾಯಾವತಿಯವರ ಜನ್ಮ ದಿನದ ಆಚರಣೆ ಮಾಡಲಾಯಿತು. ಎಂದು ಪಕ್ಷದ ಜಿಲ್ಲಾಧ್ಯಕ್ಷರಾದ ಮಂಜುನಾಥ ಹೇಳಿದರು.

ಅವರು ಮಾಯಾವತಿಯವರ ಜನ್ಮದಿನಾಚರಣೆ ನಿಮಿತ್ತ ನಗರದ ಅನಾಥಾಶ್ರಮದಲ್ಲಿ ಕೇಕ್ ಕಟ್ ಮಾಡಿ, ಅಲ್ಲಿನ ಮಕ್ಕಳಿಗೆ ಹಣ್ಣು ಹಂಪಲು ವಿತರಿಸಿ ವಿಶ್ವಸ್ತ ರೀತಿಯಲ್ಲಿ ಹುಟ್ಟು ಹಬ್ಬವನ್ನು ಆಚರಿಸಿ ಮಾತನಾಡಿದರು. ಮಾಯಾವತಿಯವರು ಸಾಕ್ಷ್ಯ ವಿಚಾರವಾದಿಯಾಗಿ ದಲಿತ ರಾಜಕೀಯ ಪ್ರತಿನಿಧಿ, ಪ್ರಬಲ	ಕೊಟ್ಟರ್ತರ ಪರವಾಗಿ ಅನೇಕ ಸಮಾಜಮುಖಿ ಯೋಜನೆಗಳನ್ನು ಜಾರಿಗೆ ತಂದಿದ್ದಾರೆ. ಇವರಿಗೆ ದೇವರು ಹೆಚ್ಚಿನ ಆಯುಷ್ಯ, ಆರೋಗ್ಯ ಕರುಣಿಸಿ ರಾಜಕೀಯ ಜೀವನ ಪ್ರಗತಿಯತ್ತ ಸಾಗಲಿ ಎಂದು ಹಾರೈಸುತ್ತೇವೆ ಎಂದು ತಿಳಿಸಿದರು.

ಈ ಸಂದರ್ಭದಲ್ಲಿ ಪಕ್ಷದ ಕಾರ್ಯಕರ್ತರಾದ ಮಲ್ಲೇಶ ನಾಯಕ, ರಮೇಶ ಕಾಳೆ, ಶಿವಕುಮಾರ, ದೊಡ್ಡ ಮಾರೆಪ್ಪ, ಶಿವು ಮಾನ್ಯ, ನಿಂಗಪ್ಪ ನಾಯಕ, ನೀಲಪ್ಪ, ಹುಲುಗಪ್ಪ ಸೇರಿ ಇನ್ನೂ ಅನೇಕ ಪಕ್ಷದ ಕಾರ್ಯಕರ್ತರು ಉಪಸ್ಥಿತರಿದ್ದರು.
